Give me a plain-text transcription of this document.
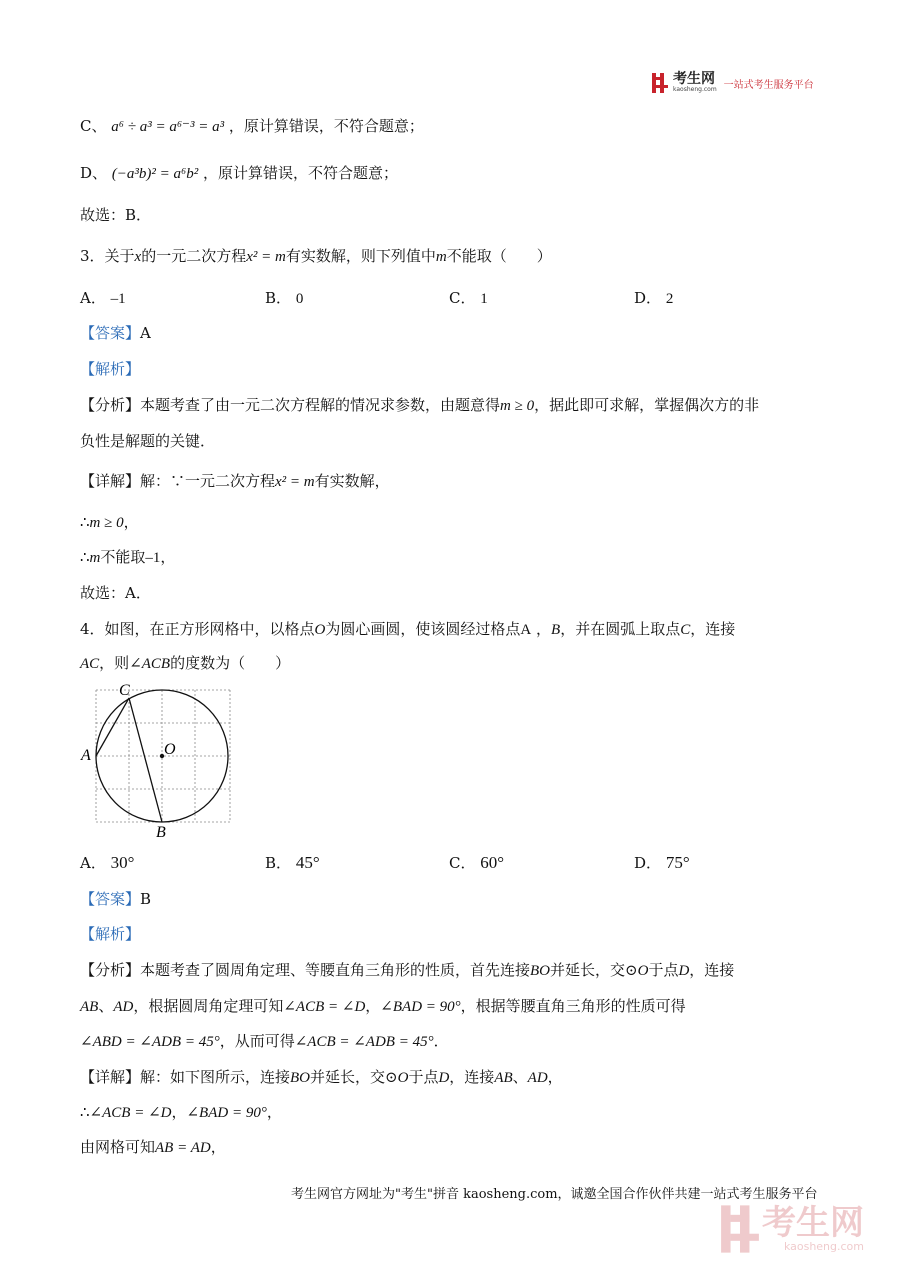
考生网
kaosheng.com 一站式考生服务平台
C、 a⁶ ÷ a³ = a⁶⁻³ = a³ ，原计算错误，不符合题意；
D、 (−a³b)² = a⁶b² ，原计算错误，不符合题意；
故选：B．
3．关于x的一元二次方程x² = m有实数解，则下列值中m不能取（　　）
A． –1	B． 0	C． 1	D． 2
【答案】A
【解析】
【分析】本题考查了由一元二次方程解的情况求参数，由题意得m ≥ 0，据此即可求解，掌握偶次方的非
负性是解题的关键．
【详解】解：∵一元二次方程x² = m有实数解，
∴m ≥ 0，
∴m不能取–1，
故选：A．
4．如图，在正方形网格中，以格点O为圆心画圆，使该圆经过格点A ，B，并在圆弧上取点C，连接
AC，则∠ACB的度数为（　　）
C
A	O
B
A． 30°	B． 45°	C． 60°	D． 75°
【答案】B
【解析】
【分析】本题考查了圆周角定理、等腰直角三角形的性质，首先连接BO并延长，交⊙O于点D，连接
AB、AD，根据圆周角定理可知∠ACB = ∠D，∠BAD = 90°，根据等腰直角三角形的性质可得
∠ABD = ∠ADB = 45°，从而可得∠ACB = ∠ADB = 45°．
【详解】解：如下图所示，连接BO并延长，交⊙O于点D，连接AB、AD，
∴∠ACB = ∠D，∠BAD = 90°，
由网格可知AB = AD，
考生网官方网址为"考生"拼音 kaosheng.com，诚邀全国合作伙伴共建一站式考生服务平台
考生网
kaosheng.com
